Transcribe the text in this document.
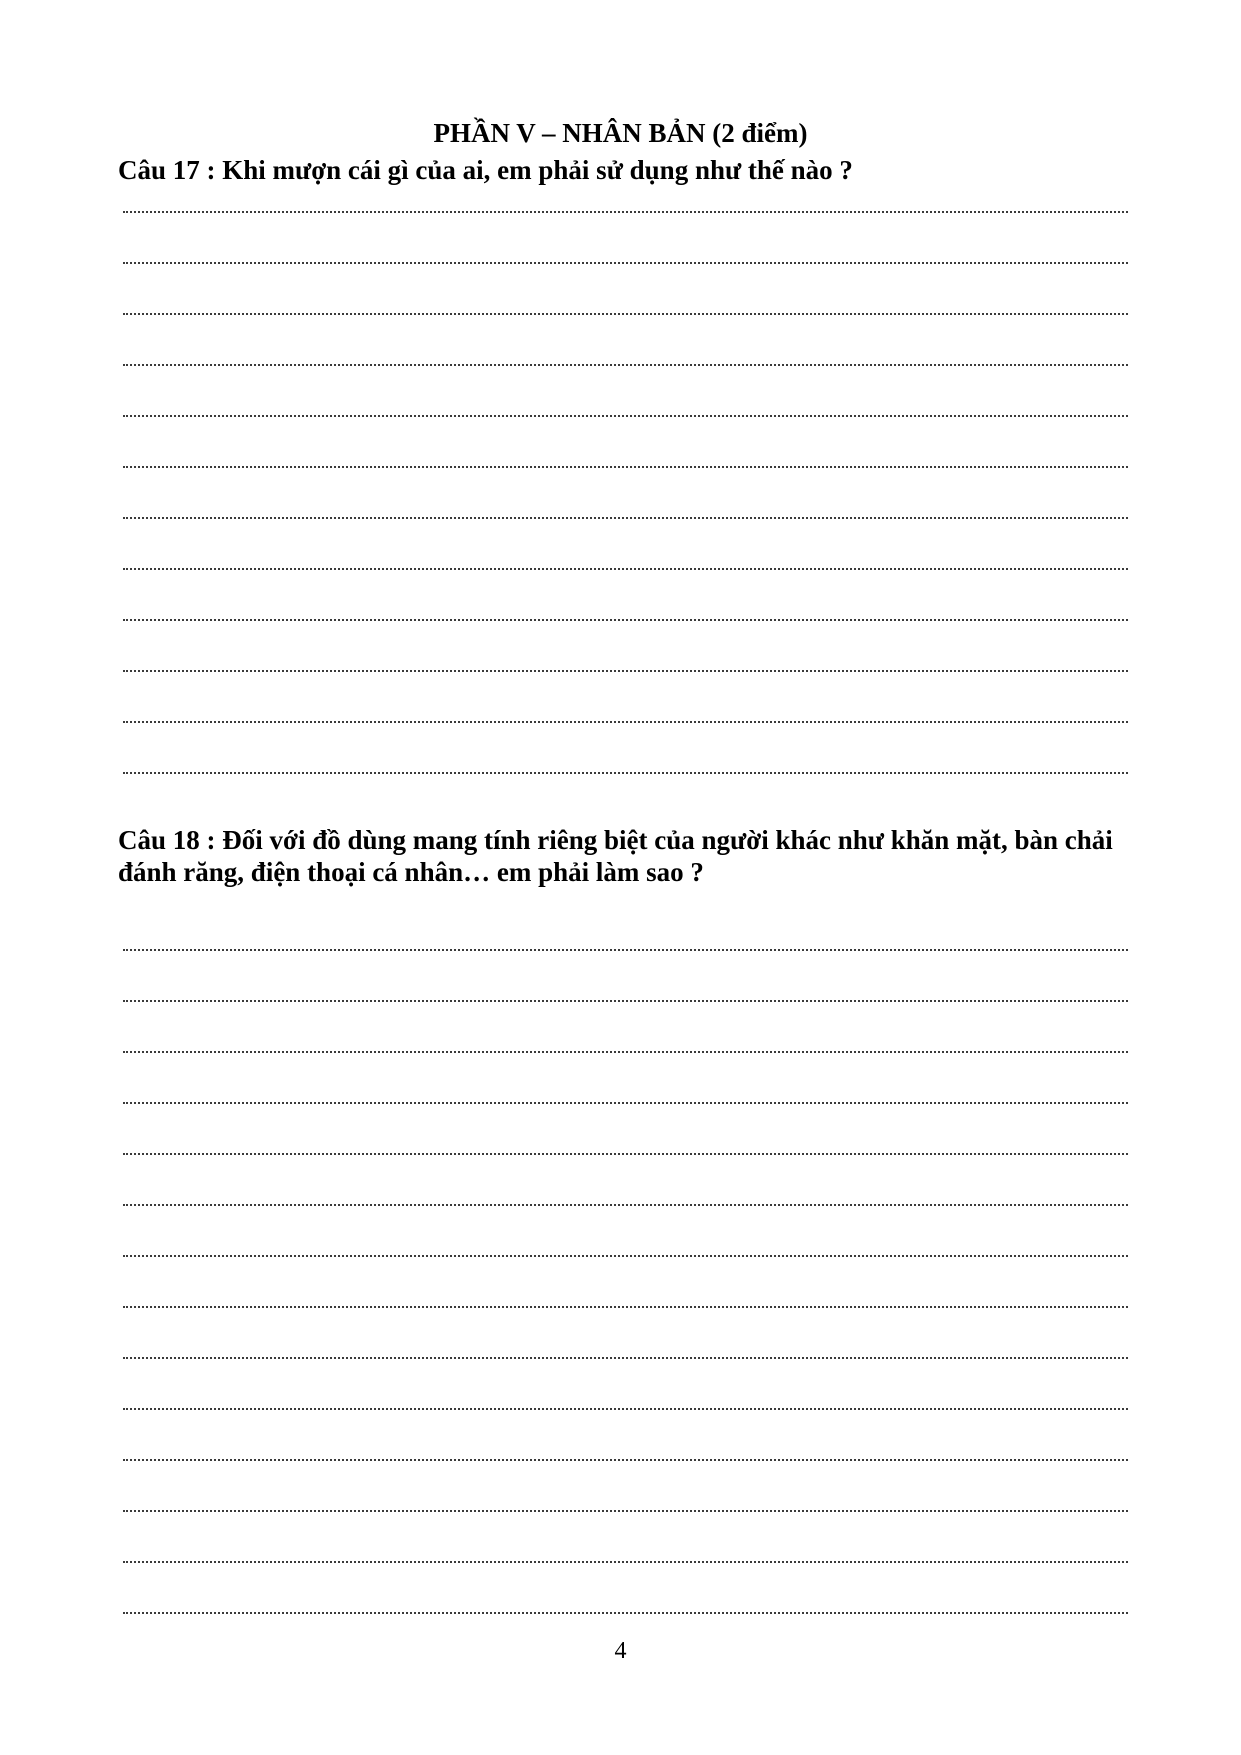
PHẦN V – NHÂN BẢN (2 điểm)

Câu 17 : Khi mượn cái gì của ai, em phải sử dụng như thế nào ?

Câu 18 : Đối với đồ dùng mang tính riêng biệt của người khác như khăn mặt, bàn chải đánh răng, điện thoại cá nhân… em phải làm sao ?

4
